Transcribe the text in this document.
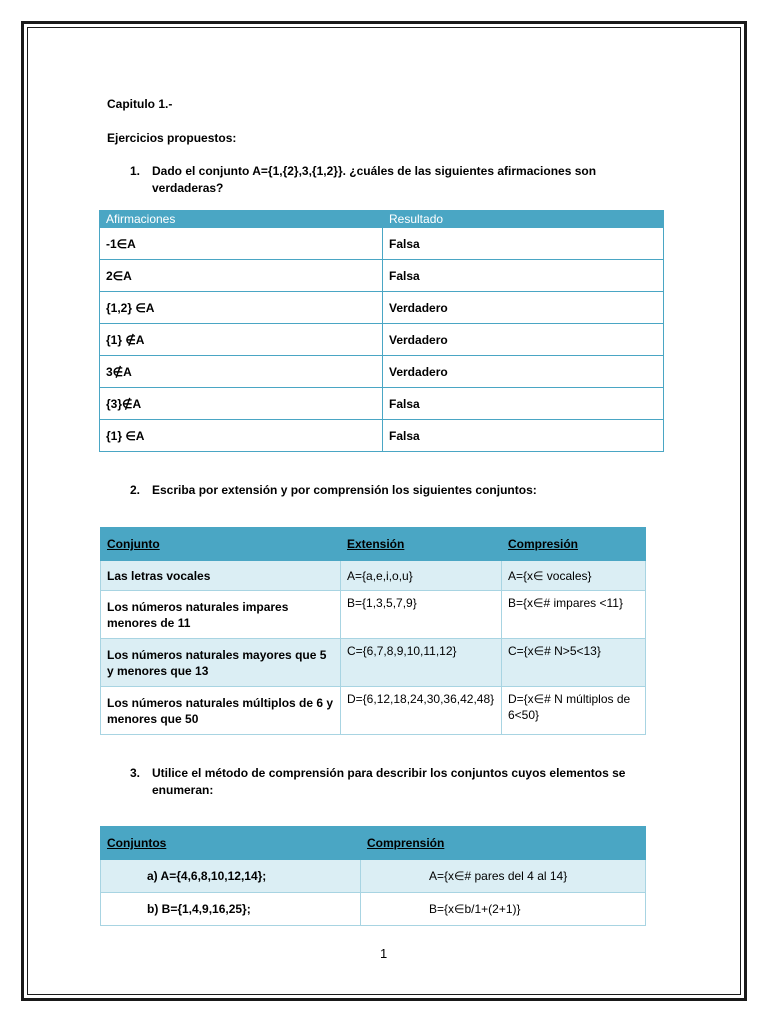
Capitulo 1.-
Ejercicios propuestos:
1. Dado el conjunto A={1,{2},3,{1,2}}. ¿cuáles de las siguientes afirmaciones son
verdaderas?
Afirmaciones	Resultado
-1∈A	Falsa
2∈A	Falsa
{1,2} ∈A	Verdadero
{1} ∉A	Verdadero
3∉A	Verdadero
{3}∉A	Falsa
{1} ∈A	Falsa
2. Escriba por extensión y por comprensión los siguientes conjuntos:
Conjunto	Extensión	Compresión
Las letras vocales	A={a,e,i,o,u}	A={x∈ vocales}
Los números naturales impares menores de 11	B={1,3,5,7,9}	B={x∈# impares <11}
Los números naturales mayores que 5 y menores que 13	C={6,7,8,9,10,11,12}	C={x∈# N>5<13}
Los números naturales múltiplos de 6 y menores que 50	D={6,12,18,24,30,36,42,48}	D={x∈# N múltiplos de 6<50}
3. Utilice el método de comprensión para describir los conjuntos cuyos elementos se
enumeran:
Conjuntos	Comprensión
a) A={4,6,8,10,12,14};	A={x∈# pares del 4 al 14}
b) B={1,4,9,16,25};	B={x∈b/1+(2+1)}
1
